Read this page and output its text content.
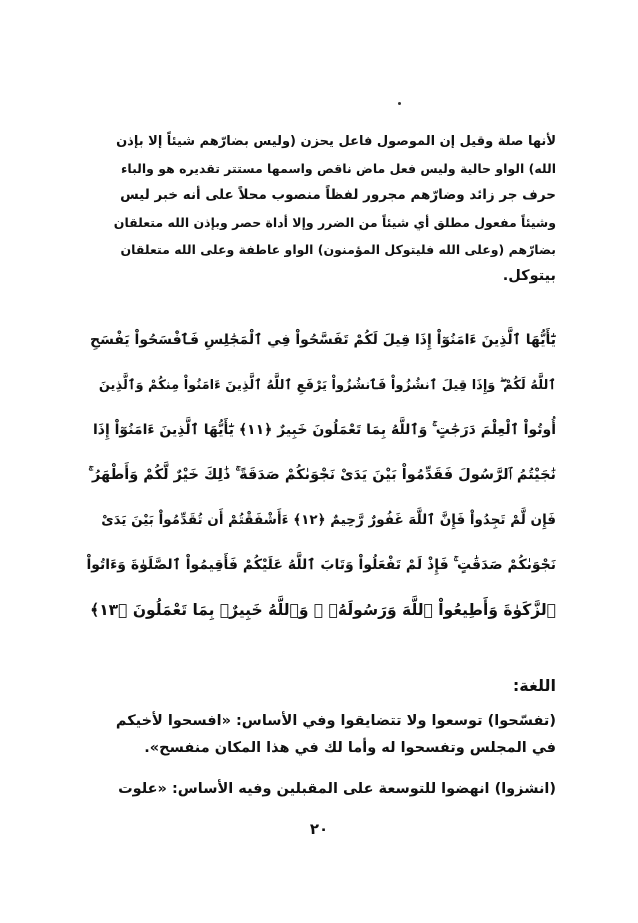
لأنها صلة وقيل إن الموصول فاعل يحزن (وليس بضارّهم شيئاً إلا بإذن
الله) الواو حالية وليس فعل ماض ناقص واسمها مستتر تقديره هو والباء
حرف جر زائد وضارّهم مجرور لفظاً منصوب محلاً على أنه خبر ليس
وشيئاً مفعول مطلق أي شيئاً من الضرر وإلا أداة حصر وبإذن الله متعلقان
بضارّهم (وعلى الله فليتوكل المؤمنون) الواو عاطفة وعلى الله متعلقان
بيتوكل.
يَٰٓأَيُّهَا ٱلَّذِينَ ءَامَنُوٓاْ إِذَا قِيلَ لَكُمْ تَفَسَّحُواْ فِي ٱلْمَجَٰلِسِ فَٱفْسَحُواْ يَفْسَحِ
ٱللَّهُ لَكُمْ ۖ وَإِذَا قِيلَ ٱنشُزُواْ فَٱنشُزُواْ يَرْفَعِ ٱللَّهُ ٱلَّذِينَ ءَامَنُواْ مِنكُمْ وَٱلَّذِينَ
أُوتُواْ ٱلْعِلْمَ دَرَجَٰتٍ ۚ وَٱللَّهُ بِمَا تَعْمَلُونَ خَبِيرٌ ﴿١١﴾ يَٰٓأَيُّهَا ٱلَّذِينَ ءَامَنُوٓاْ إِذَا
نَٰجَيْتُمُ ٱلرَّسُولَ فَقَدِّمُواْ بَيْنَ يَدَىْ نَجْوَىٰكُمْ صَدَقَةً ۚ ذَٰلِكَ خَيْرٌ لَّكُمْ وَأَطْهَرُ ۚ
فَإِن لَّمْ تَجِدُواْ فَإِنَّ ٱللَّهَ غَفُورٌ رَّحِيمٌ ﴿١٢﴾ ءَأَشْفَقْتُمْ أَن تُقَدِّمُواْ بَيْنَ يَدَىْ
نَجْوَىٰكُمْ صَدَقَٰتٍ ۚ فَإِذْ لَمْ تَفْعَلُواْ وَتَابَ ٱللَّهُ عَلَيْكُمْ فَأَقِيمُواْ ٱلصَّلَوٰةَ وَءَاتُواْ
ٱلزَّكَوٰةَ وَأَطِيعُواْ ٱللَّهَ وَرَسُولَهُۥ ۚ وَٱللَّهُ خَبِيرٌۢ بِمَا تَعْمَلُونَ ﴿١٣﴾
اللغة:
(تفسّحوا) توسعوا ولا تتضايقوا وفي الأساس: «افسحوا لأخيكم
في المجلس وتفسحوا له وأما لك في هذا المكان منفسح».
(انشزوا) انهضوا للتوسعة على المقبلين وفيه الأساس: «علوت
٢٠
